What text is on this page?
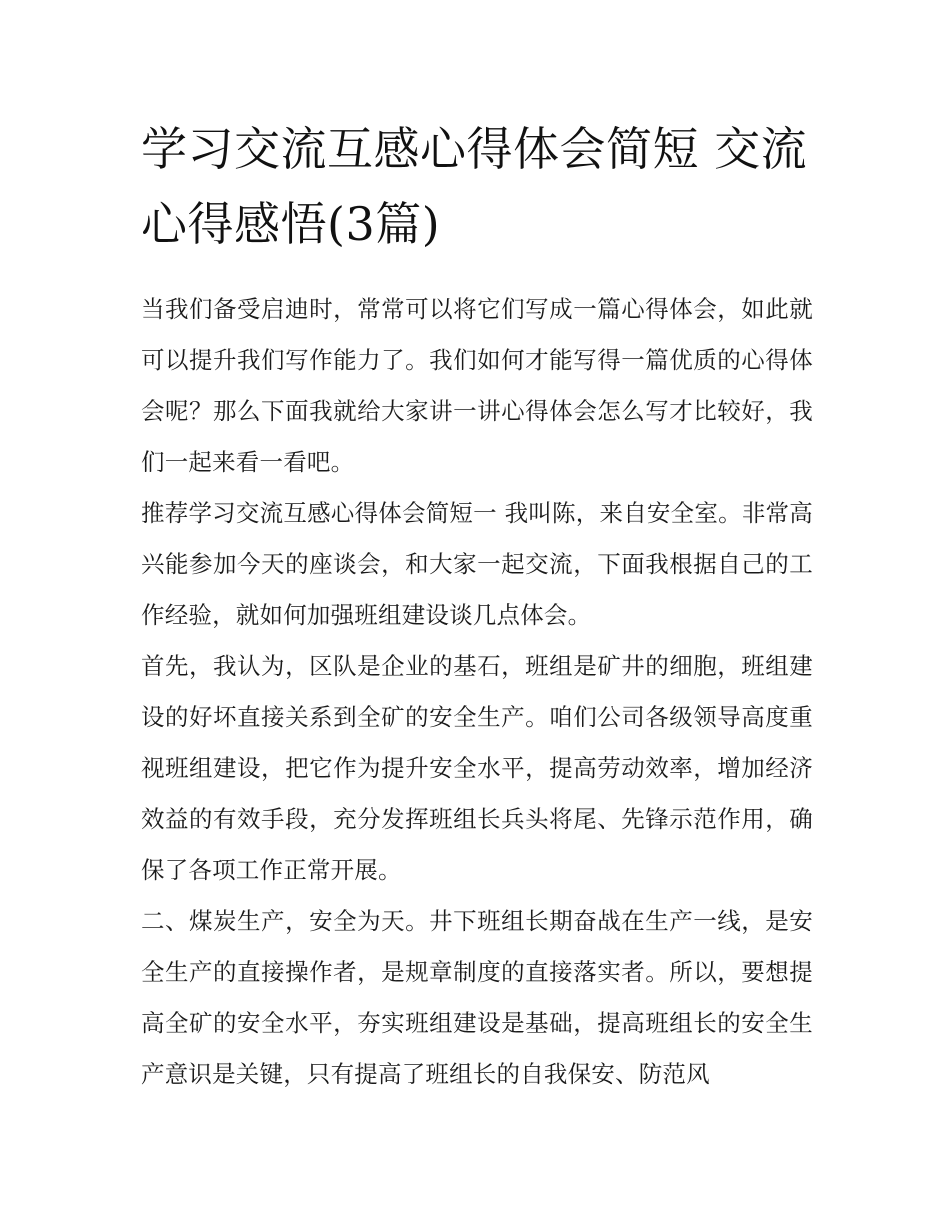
学习交流互感心得体会简短 交流心得感悟(3篇)

当我们备受启迪时，常常可以将它们写成一篇心得体会，如此就可以提升我们写作能力了。我们如何才能写得一篇优质的心得体会呢？那么下面我就给大家讲一讲心得体会怎么写才比较好，我们一起来看一看吧。

推荐学习交流互感心得体会简短一 我叫陈，来自安全室。非常高兴能参加今天的座谈会，和大家一起交流，下面我根据自己的工作经验，就如何加强班组建设谈几点体会。

首先，我认为，区队是企业的基石，班组是矿井的细胞，班组建设的好坏直接关系到全矿的安全生产。咱们公司各级领导高度重视班组建设，把它作为提升安全水平，提高劳动效率，增加经济效益的有效手段，充分发挥班组长兵头将尾、先锋示范作用，确保了各项工作正常开展。

二、煤炭生产，安全为天。井下班组长期奋战在生产一线，是安全生产的直接操作者，是规章制度的直接落实者。所以，要想提高全矿的安全水平，夯实班组建设是基础，提高班组长的安全生产意识是关键，只有提高了班组长的自我保安、防范风
